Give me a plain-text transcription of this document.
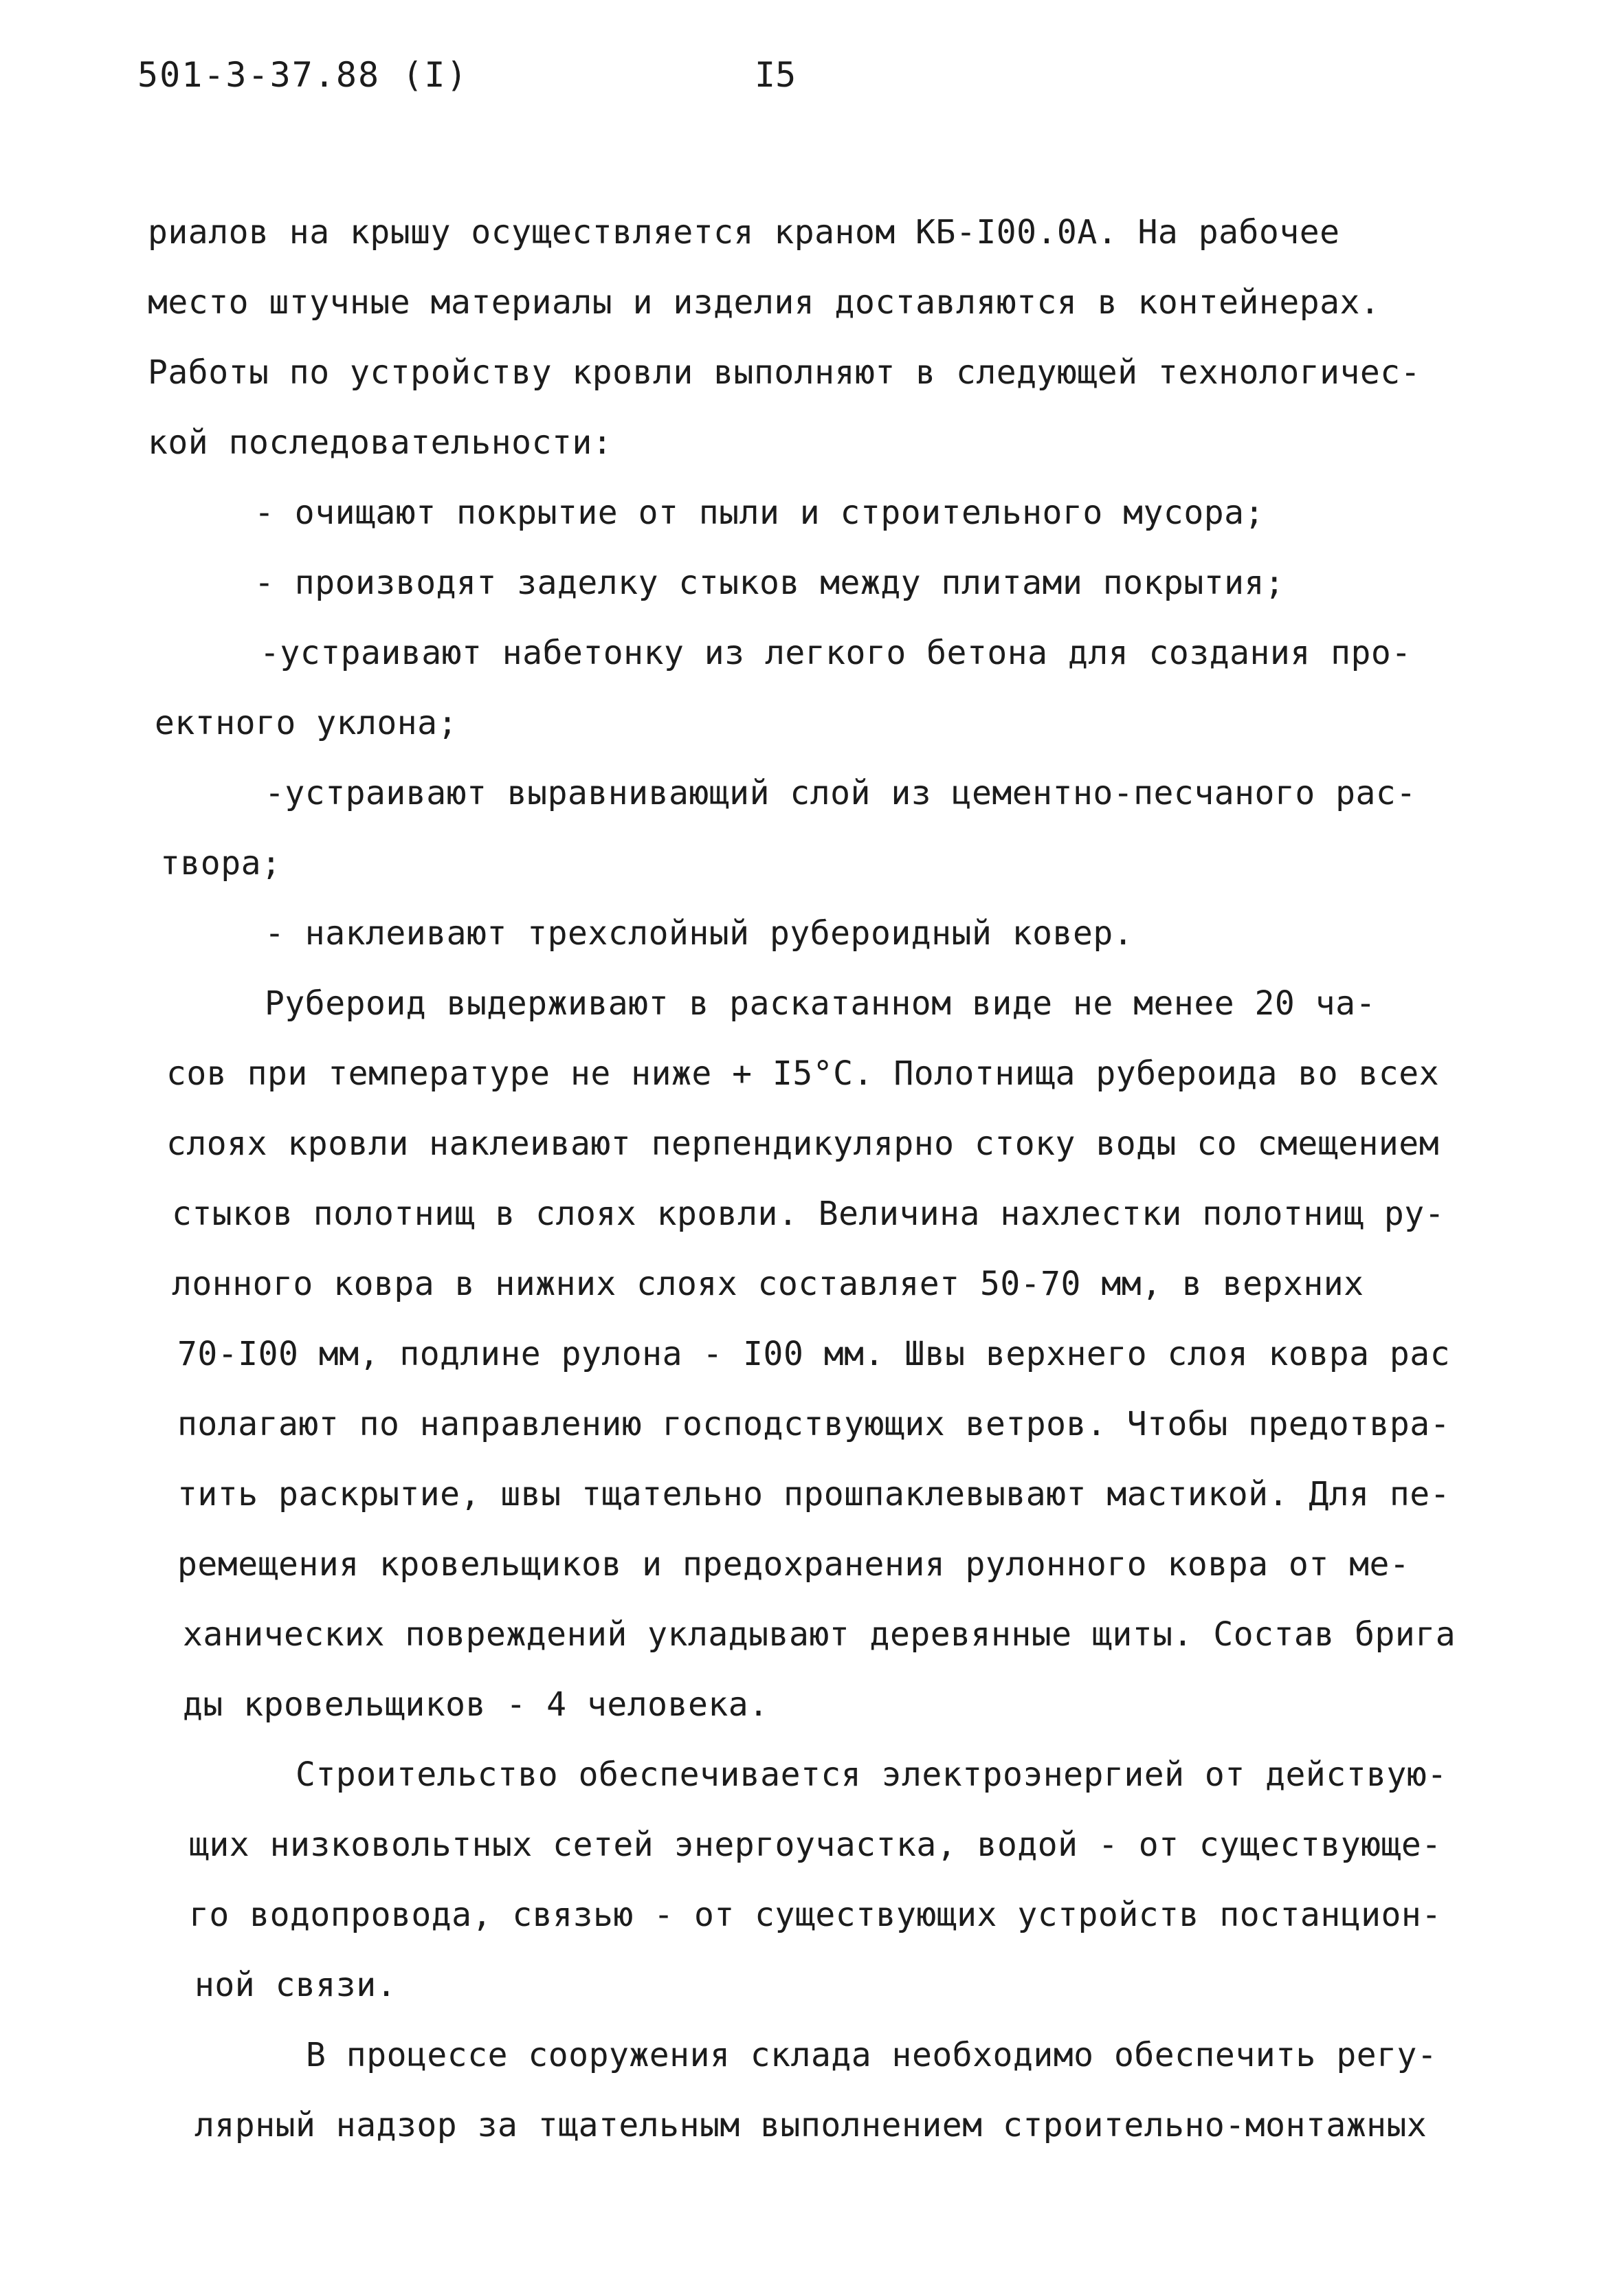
501-3-37.88 (I)	I5
риалов на крышу осуществляется краном КБ-I00.0А. На рабочее
место штучные материалы и изделия доставляются в контейнерах.
Работы по устройству кровли выполняют в следующей технологичес-
кой последовательности:
- очищают покрытие от пыли и строительного мусора;
- производят заделку стыков между плитами покрытия;
-устраивают набетонку из легкого бетона для создания про-
ектного уклона;
-устраивают выравнивающий слой из цементно-песчаного рас-
твора;
- наклеивают трехслойный рубероидный ковер.
Рубероид выдерживают в раскатанном виде не менее 20 ча-
сов при температуре не ниже + I5°С. Полотнища рубероида во всех
слоях кровли наклеивают перпендикулярно стоку воды со смещением
стыков полотнищ в слоях кровли. Величина нахлестки полотнищ ру-
лонного ковра в нижних слоях составляет 50-70 мм, в верхних
70-I00 мм, подлине рулона - I00 мм. Швы верхнего слоя ковра рас
полагают по направлению господствующих ветров. Чтобы предотвра-
тить раскрытие, швы тщательно прошпаклевывают мастикой. Для пе-
ремещения кровельщиков и предохранения рулонного ковра от ме-
ханических повреждений укладывают деревянные щиты. Состав брига
ды кровельщиков - 4 человека.
Строительство обеспечивается электроэнергией от действую-
щих низковольтных сетей энергоучастка, водой - от существующе-
го водопровода, связью - от существующих устройств постанцион-
ной связи.
В процессе сооружения склада необходимо обеспечить регу-
лярный надзор за тщательным выполнением строительно-монтажных
